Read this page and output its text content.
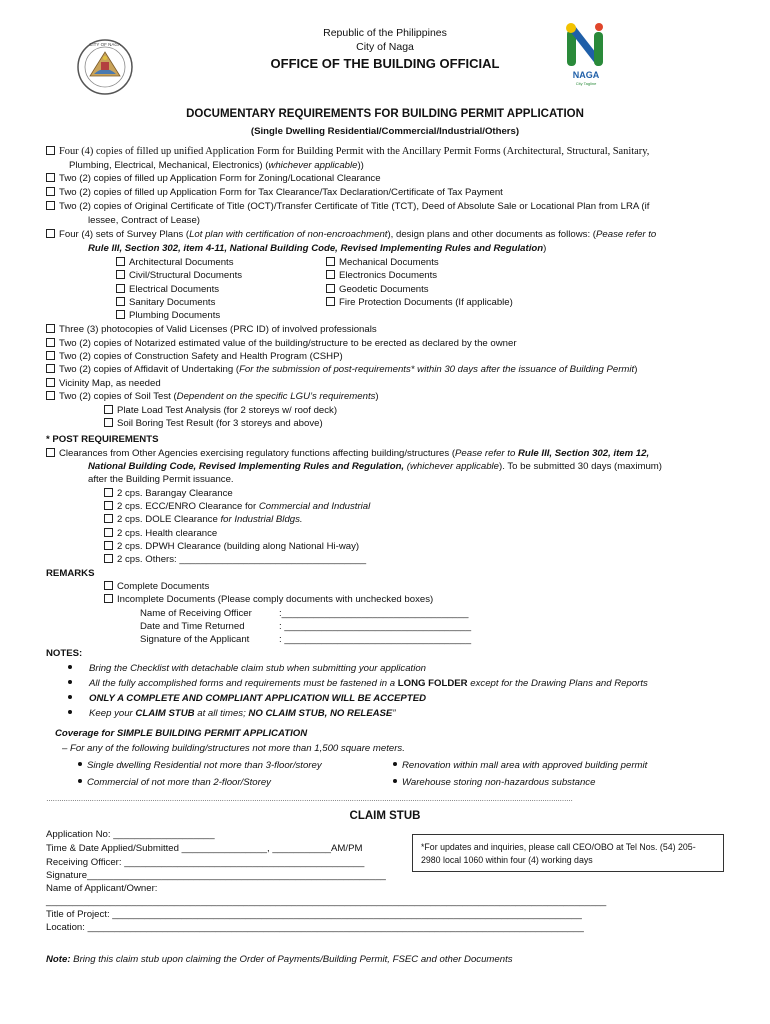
Republic of the Philippines
City of Naga
OFFICE OF THE BUILDING OFFICIAL
CITY OF NAGA
NAGA
City Tagline
DOCUMENTARY REQUIREMENTS FOR BUILDING PERMIT APPLICATION
(Single Dwelling Residential/Commercial/Industrial/Others)
Four (4) copies of filled up unified Application Form for Building Permit with the Ancillary Permit Forms (Architectural, Structural, Sanitary,
Plumbing, Electrical, Mechanical, Electronics) (whichever applicable))
Two (2) copies of filled up Application Form for Zoning/Locational Clearance
Two (2) copies of filled up Application Form for Tax Clearance/Tax Declaration/Certificate of Tax Payment
Two (2) copies of Original Certificate of Title (OCT)/Transfer Certificate of Title (TCT), Deed of Absolute Sale or Locational Plan from LRA (if
lessee, Contract of Lease)
Four (4) sets of Survey Plans (Lot plan with certification of non-encroachment), design plans and other documents as follows: (Pease refer to
Rule III, Section 302, item 4-11, National Building Code, Revised Implementing Rules and Regulation)
Architectural Documents
Civil/Structural Documents
Electrical Documents
Sanitary Documents
Plumbing Documents
Mechanical Documents
Electronics Documents
Geodetic Documents
Fire Protection Documents (If applicable)
Three (3) photocopies of Valid Licenses (PRC ID) of involved professionals
Two (2) copies of Notarized estimated value of the building/structure to be erected as declared by the owner
Two (2) copies of Construction Safety and Health Program (CSHP)
Two (2) copies of Affidavit of Undertaking (For the submission of post-requirements* within 30 days after the issuance of Building Permit)
Vicinity Map, as needed
Two (2) copies of Soil Test (Dependent on the specific LGU’s requirements)
Plate Load Test Analysis (for 2 storeys w/ roof deck)
Soil Boring Test Result (for 3 storeys and above)
* POST REQUIREMENTS
Clearances from Other Agencies exercising regulatory functions affecting building/structures (Pease refer to Rule III, Section 302, item 12,
National Building Code, Revised Implementing Rules and Regulation, (whichever applicable). To be submitted 30 days (maximum)
after the Building Permit issuance.
2 cps. Barangay Clearance
2 cps. ECC/ENRO Clearance for Commercial and Industrial
2 cps. DOLE Clearance for Industrial Bldgs.
2 cps. Health clearance
2 cps. DPWH Clearance (building along National Hi-way)
2 cps. Others: ___________________________________
REMARKS
Complete Documents
Incomplete Documents (Please comply documents with unchecked boxes)
Name of Receiving Officer	:___________________________________
Date and Time Returned	: ___________________________________
Signature of the Applicant	: ___________________________________
NOTES:
Bring the Checklist with detachable claim stub when submitting your application
All the fully accomplished forms and requirements must be fastened in a LONG FOLDER except for the Drawing Plans and Reports
ONLY A COMPLETE AND COMPLIANT APPLICATION WILL BE ACCEPTED
Keep your CLAIM STUB at all times; NO CLAIM STUB, NO RELEASE”
Coverage for SIMPLE BUILDING PERMIT APPLICATION
– For any of the following building/structures not more than 1,500 square meters.
Single dwelling Residential not more than 3-floor/storey
Commercial of not more than 2-floor/Storey
Renovation within mall area with approved building permit
Warehouse storing non-hazardous substance
………………………………………………………………………………………………………………………………………………………………………………………………………………………
CLAIM STUB
Application No: ___________________
Time & Date Applied/Submitted ________________, ___________AM/PM
Receiving Officer: _____________________________________________
Signature________________________________________________________
Name of Applicant/Owner:
_________________________________________________________________________________________________________
Title of Project: ________________________________________________________________________________________
Location: _____________________________________________________________________________________________
*For updates and inquiries, please call CEO/OBO at Tel Nos. (54) 205-
2980 local 1060 within four (4) working days
Note: Bring this claim stub upon claiming the Order of Payments/Building Permit, FSEC and other Documents
